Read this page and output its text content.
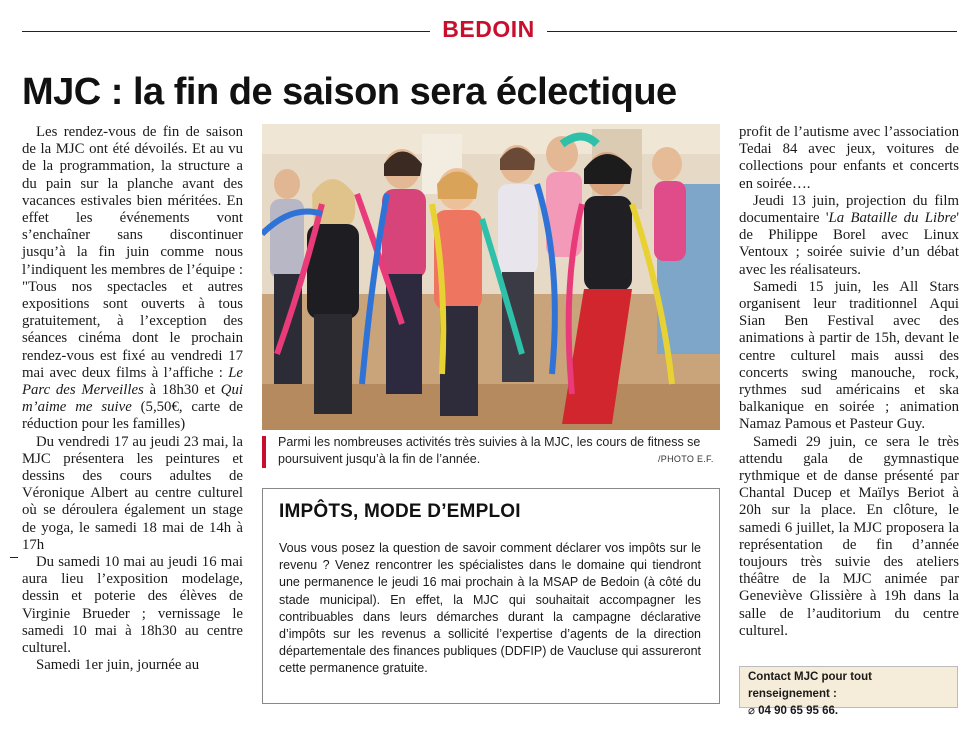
BEDOIN
MJC : la fin de saison sera éclectique

Les rendez-vous de fin de saison de la MJC ont été dévoilés. Et au vu de la programmation, la structure a du pain sur la planche avant des vacances estivales bien méritées. En effet les événements vont s’enchaîner sans discontinuer jusqu’à la fin juin comme nous l’indiquent les membres de l’équipe : "Tous nos spectacles et autres expositions sont ouverts à tous gratuitement, à l’exception des séances cinéma dont le prochain rendez-vous est fixé au vendredi 17 mai avec deux films à l’affiche : Le Parc des Merveilles à 18h30 et Qui m’aime me suive (5,50€, carte de réduction pour les familles)

Du vendredi 17 au jeudi 23 mai, la MJC présentera les peintures et dessins des cours adultes de Véronique Albert au centre culturel où se déroulera également un stage de yoga, le samedi 18 mai de 14h à 17h

Du samedi 10 mai au jeudi 16 mai aura lieu l’exposition modelage, dessin et poterie des élèves de Virginie Brueder ; vernissage le samedi 10 mai à 18h30 au centre culturel.

Samedi 1er juin, journée au

Parmi les nombreuses activités très suivies à la MJC, les cours de fitness se poursuivent jusqu’à la fin de l’année.	/PHOTO E.F.
IMPÔTS, MODE D’EMPLOI

Vous vous posez la question de savoir comment déclarer vos impôts sur le revenu ? Venez rencontrer les spécialistes dans le domaine qui tiendront une permanence le jeudi 16 mai prochain à la MSAP de Bedoin (à côté du stade municipal). En effet, la MJC qui souhaitait accompagner les contribuables dans leurs démarches durant la campagne déclarative d’impôts sur les revenus a sollicité l’expertise d’agents de la direction départementale des finances publiques (DDFIP) de Vaucluse qui assureront cette permanence gratuite.

profit de l’autisme avec l’association Tedai 84 avec jeux, voitures de collections pour enfants et concerts en soirée….

Jeudi 13 juin, projection du film documentaire 'La Bataille du Libre' de Philippe Borel avec Linux Ventoux ; soirée suivie d’un débat avec les réalisateurs.

Samedi 15 juin, les All Stars organisent leur traditionnel Aqui Sian Ben Festival avec des animations à partir de 15h, devant le centre culturel mais aussi des concerts swing manouche, rock, rythmes sud américains et ska balkanique en soirée ; animation Namaz Pamous et Pasteur Guy.

Samedi 29 juin, ce sera le très attendu gala de gymnastique rythmique et de danse présenté par Chantal Ducep et Maïlys Beriot à 20h sur la place. En clôture, le samedi 6 juillet, la MJC proposera la représentation de fin d’année toujours très suivie des ateliers théâtre de la MJC animée par Geneviève Glissière à 19h dans la salle de l’auditorium du centre culturel.

Contact MJC pour tout renseignement :
⌀ 04 90 65 95 66.
